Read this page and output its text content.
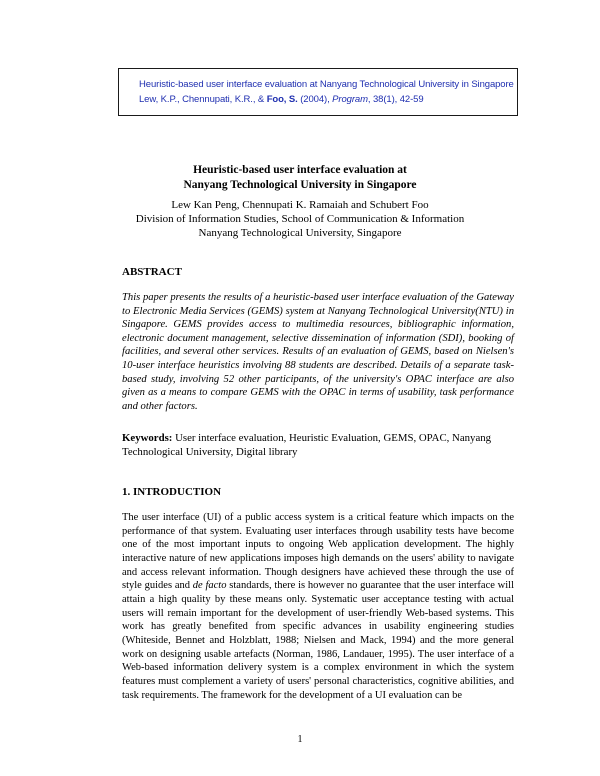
Heuristic-based user interface evaluation at Nanyang Technological University in Singapore
Lew, K.P., Chennupati, K.R., & Foo, S. (2004), Program, 38(1), 42-59
Heuristic-based user interface evaluation at
Nanyang Technological University in Singapore
Lew Kan Peng, Chennupati K. Ramaiah and Schubert Foo
Division of Information Studies, School of Communication & Information
Nanyang Technological University, Singapore
ABSTRACT
This paper presents the results of a heuristic-based user interface evaluation of the Gateway to Electronic Media Services (GEMS) system at Nanyang Technological University(NTU) in Singapore. GEMS provides access to multimedia resources, bibliographic information, electronic document management, selective dissemination of information (SDI), booking of facilities, and several other services. Results of an evaluation of GEMS, based on Nielsen's 10-user interface heuristics involving 88 students are described. Details of a separate task-based study, involving 52 other participants, of the university's OPAC interface are also given as a means to compare GEMS with the OPAC in terms of usability, task performance and other factors.
Keywords: User interface evaluation, Heuristic Evaluation, GEMS, OPAC, Nanyang Technological University, Digital library
1. INTRODUCTION
The user interface (UI) of a public access system is a critical feature which impacts on the performance of that system. Evaluating user interfaces through usability tests have become one of the most important inputs to ongoing Web application development. The highly interactive nature of new applications imposes high demands on the users' ability to navigate and access relevant information. Though designers have achieved these through the use of style guides and de facto standards, there is however no guarantee that the user interface will attain a high quality by these means only. Systematic user acceptance testing with actual users will remain important for the development of user-friendly Web-based systems. This work has greatly benefited from specific advances in usability engineering studies (Whiteside, Bennet and Holzblatt, 1988; Nielsen and Mack, 1994) and the more general work on designing usable artefacts (Norman, 1986, Landauer, 1995). The user interface of a Web-based information delivery system is a complex environment in which the system features must complement a variety of users' personal characteristics, cognitive abilities, and task requirements. The framework for the development of a UI evaluation can be
1
